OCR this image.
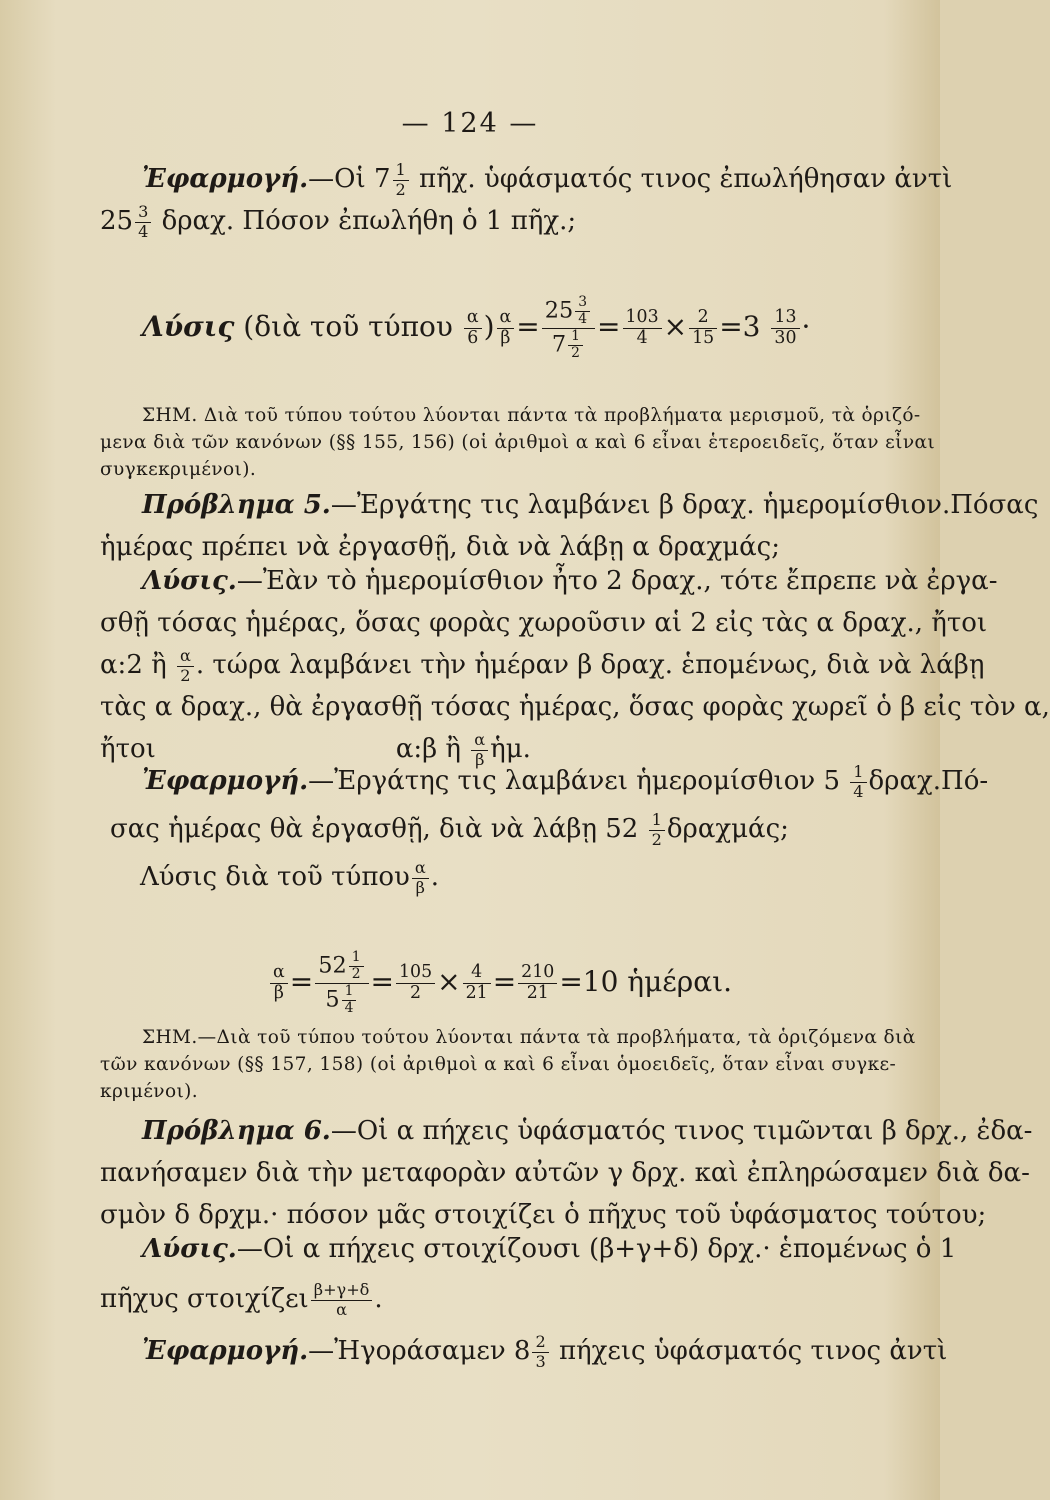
— 124 —
Ἐφαρμογή.—Οἱ $7 \frac{1}{2}$ πῆχ. ὑφάσματός τινος ἐπωλήθησαν ἀντὶ
$25 \frac{3}{4} \delta\rho\alpha\chi$. Πόσον ἐπωλήθη ὁ 1 πῆχ.;
Λύσις (διὰ τοῦ τύπου $\frac{\alpha}{6}$ ) $\frac{\alpha}{\beta} = \frac{25 \frac{3}{4}}{7 \frac{1}{2}} = \frac{103}{4} \times \frac{2}{15} =3 \frac{13}{30}$ ·
ΣΗΜ. Διὰ τοῦ τύπου τούτου λύονται πάντα τὰ προβλήματα μερισμοῦ, τὰ ὁριζό-
μενα διὰ τῶν κανόνων (§§ 155, 156) (οἱ ἀριθμοὶ α καὶ 6 εἶναι ἑτεροειδεῖς, ὅταν εἶναι
συγκεκριμένοι).
Πρόβλημα 5.—Ἐργάτης τις λαμβάνει β δραχ. ἡμερομίσθιον.Πόσας
ἡμέρας πρέπει νὰ ἐργασθῇ, διὰ νὰ λάβῃ α δραχμάς;
Λύσις.—Ἐὰν τὸ ἡμερομίσθιον ἦτο 2 δραχ., τότε ἔπρεπε νὰ ἐργα-
σθῇ τόσας ἡμέρας, ὅσας φορὰς χωροῦσιν αἱ 2 εἰς τὰς α δραχ., ἤτοι
α:2 ἢ $\frac{\alpha}{2}$ . τώρα λαμβάνει τὴν ἡμέραν β δραχ. ἑπομένως, διὰ νὰ λάβῃ
τὰς α δραχ., θὰ ἐργασθῇ τόσας ἡμέρας, ὅσας φορὰς χωρεῖ ὁ β εἰς τὸν α,
ἤτοι	α:β ἢ $\frac{\alpha}{\beta}$ ἡμ.
Ἐφαρμογή.—Ἐργάτης τις λαμβάνει ἡμερομίσθιον $5 \frac{1}{4} \delta\rho\alpha\chi.\Pi ό-$
σας ἡμέρας θὰ ἐργασθῇ, διὰ νὰ λάβῃ $52 \frac{1}{2} \delta\rho\alpha\chi\mu ά\varsigma$;
Λύσις διὰ τοῦ τύπου $\frac{\alpha}{\beta}$ .
$\frac{\alpha}{\beta} = \frac{52 \frac{1}{2}}{5 \frac{1}{4}} = \frac{105}{2} \times \frac{4}{21} = \frac{210}{21} =10$ ἡμέραι.
ΣΗΜ.—Διὰ τοῦ τύπου τούτου λύονται πάντα τὰ προβλήματα, τὰ ὁριζόμενα διὰ
τῶν κανόνων (§§ 157, 158) (οἱ ἀριθμοὶ α καὶ 6 εἶναι ὁμοειδεῖς, ὅταν εἶναι συγκε-
κριμένοι).
Πρόβλημα 6.—Οἱ α πήχεις ὑφάσματός τινος τιμῶνται β δρχ., ἐδα-
πανήσαμεν διὰ τὴν μεταφορὰν αὐτῶν γ δρχ. καὶ ἐπληρώσαμεν διὰ δα-
σμὸν δ δρχμ.· πόσον μᾶς στοιχίζει ὁ πῆχυς τοῦ ὑφάσματος τούτου;
Λύσις.—Οἱ α πήχεις στοιχίζουσι (β+γ+δ) δρχ.· ἑπομένως ὁ 1
πῆχυς στοιχίζει $\frac{\beta+\gamma+\delta}{\alpha}$ .
Ἐφαρμογή.—Ἠγοράσαμεν $8 \frac{2}{3}$ πήχεις ὑφάσματός τινος ἀντὶ
